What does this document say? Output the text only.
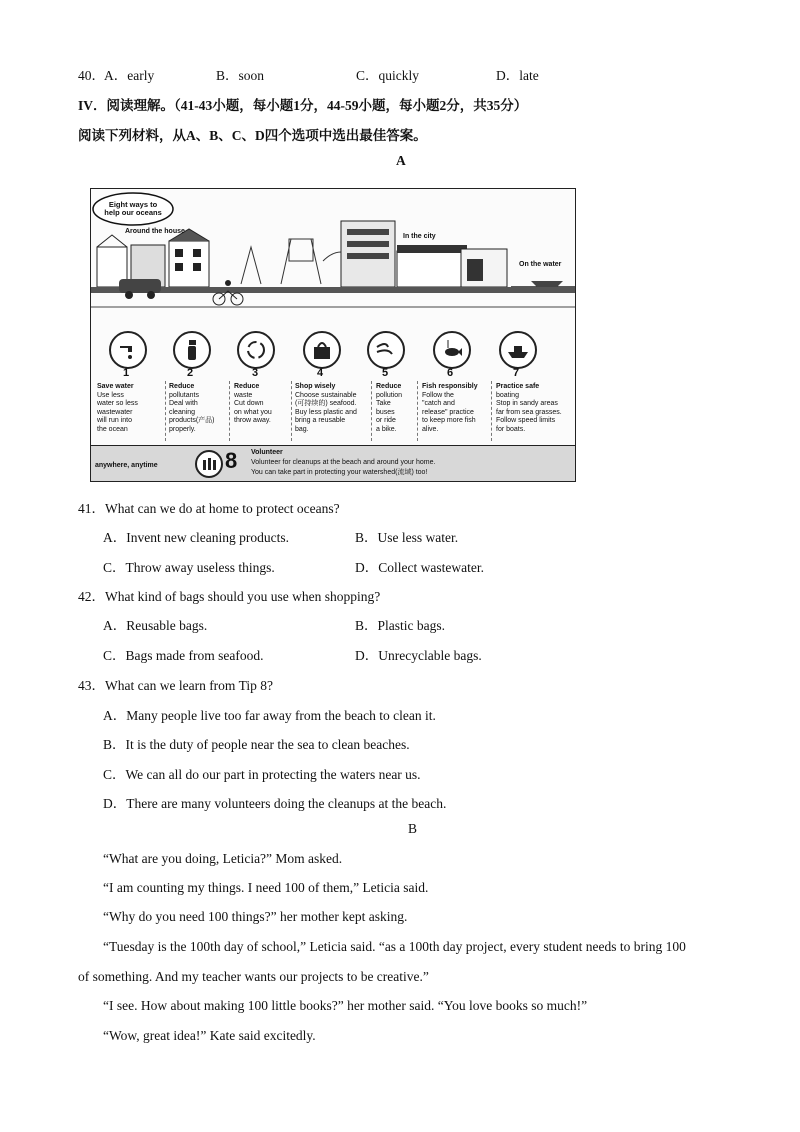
40． A．early	B．soon	C．quickly	D．late
IV．阅读理解。（41-43小题，每小题1分，44-59小题，每小题2分，共35分）
阅读下列材料，从A、B、C、D四个选项中选出最佳答案。
A
Eight ways to
help our oceans
Around the house
In the city
On the water
1	2	3	4	5	6	7
Save water
Use less
water so less
wastewater
will run into
the ocean
Reduce
pollutants
Deal with
cleaning
products(产品)
properly.
Reduce
waste
Cut down
on what you
throw away.
Shop wisely
Choose sustainable
(可持续的) seafood.
Buy less plastic and
bring a reusable
bag.
Reduce
pollution
Take
buses
or ride
a bike.
Fish responsibly
Follow the
"catch and
release" practice
to keep more fish
alive.
Practice safe
boating
Stop in sandy areas
far from sea grasses.
Follow speed limits
for boats.
anywhere, anytime	8 Volunteer
Volunteer for cleanups at the beach and around your home.
You can take part in protecting your watershed(流域) too!
41．What can we do at home to protect oceans?
A．Invent new cleaning products.	B．Use less water.
C．Throw away useless things.	D．Collect wastewater.
42．What kind of bags should you use when shopping?
A．Reusable bags.	B．Plastic bags.
C．Bags made from seafood.	D．Unrecyclable bags.
43．What can we learn from Tip 8?
A．Many people live too far away from the beach to clean it.
B．It is the duty of people near the sea to clean beaches.
C．We can all do our part in protecting the waters near us.
D．There are many volunteers doing the cleanups at the beach.
B
“What are you doing, Leticia?” Mom asked.
“I am counting my things. I need 100 of them,” Leticia said.
“Why do you need 100 things?” her mother kept asking.
“Tuesday is the 100th day of school,” Leticia said. “as a 100th day project, every student needs to bring 100
of something. And my teacher wants our projects to be creative.”
“I see. How about making 100 little books?” her mother said. “You love books so much!”
“Wow, great idea!” Kate said excitedly.
